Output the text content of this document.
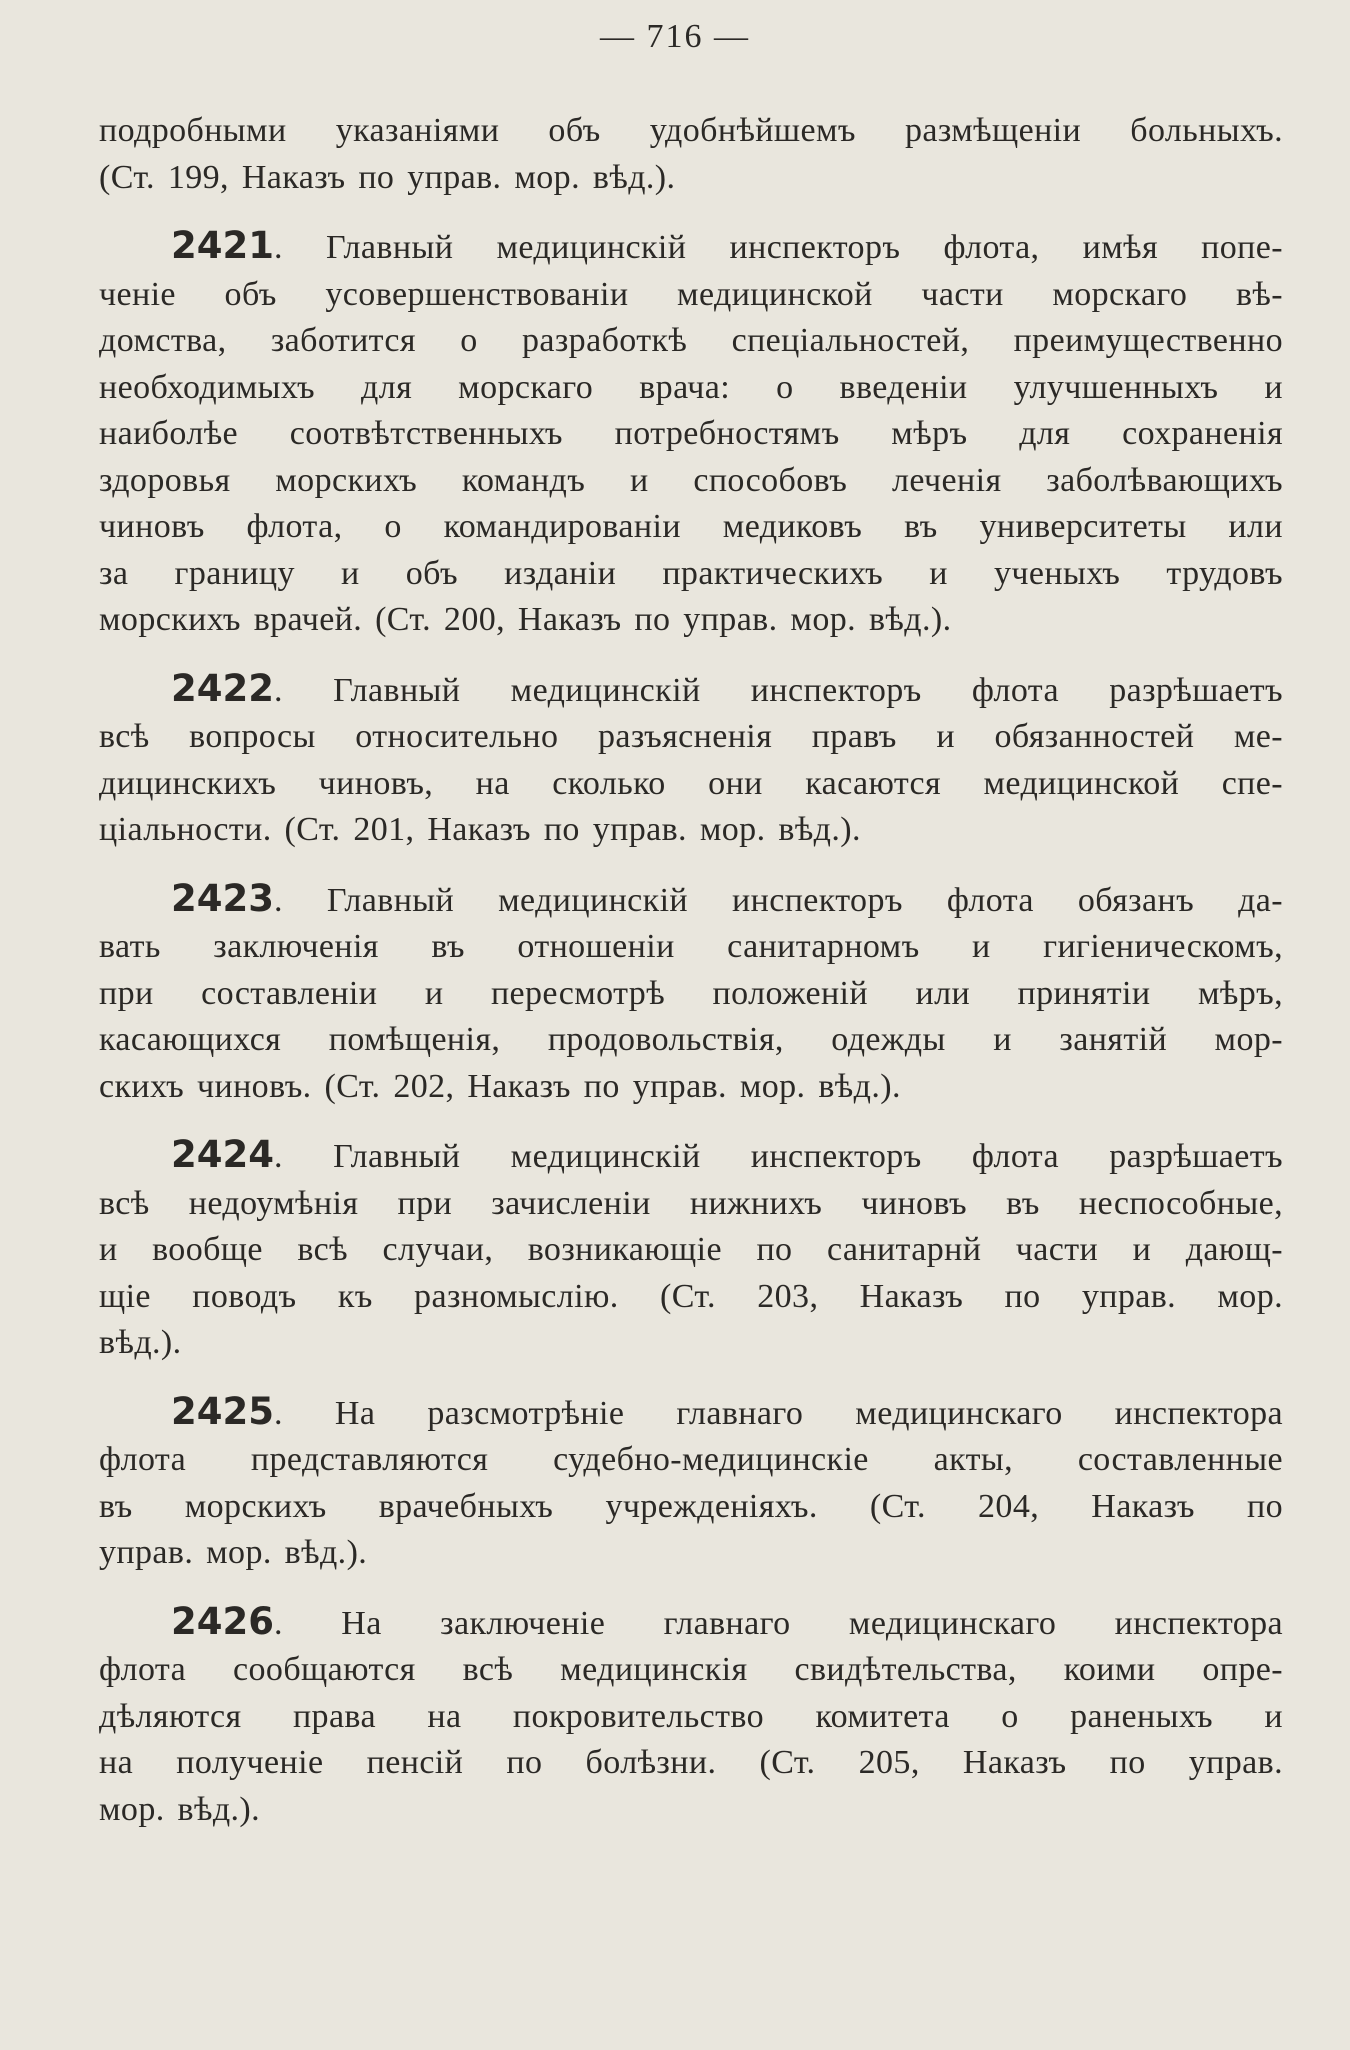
— 716 —

подробными указаніями объ удобнѣйшемъ размѣщеніи больныхъ.
(Ст. 199, Наказъ по управ. мор. вѣд.).

2421. Главный медицинскій инспекторъ флота, имѣя попе-
ченіе объ усовершенствованіи медицинской части морскаго вѣ-
домства, заботится о разработкѣ спеціальностей, преимущественно
необходимыхъ для морскаго врача: о введеніи улучшенныхъ и
наиболѣе соотвѣтственныхъ потребностямъ мѣръ для сохраненія
здоровья морскихъ командъ и способовъ леченія заболѣвающихъ
чиновъ флота, о командированіи медиковъ въ университеты или
за границу и объ изданіи практическихъ и ученыхъ трудовъ
морскихъ врачей. (Ст. 200, Наказъ по управ. мор. вѣд.).

2422. Главный медицинскій инспекторъ флота разрѣшаетъ
всѣ вопросы относительно разъясненія правъ и обязанностей ме-
дицинскихъ чиновъ, на сколько они касаются медицинской спе-
ціальности. (Ст. 201, Наказъ по управ. мор. вѣд.).

2423. Главный медицинскій инспекторъ флота обязанъ да-
вать заключенія въ отношеніи санитарномъ и гигіеническомъ,
при составленіи и пересмотрѣ положеній или принятіи мѣръ,
касающихся помѣщенія, продовольствія, одежды и занятій мор-
скихъ чиновъ. (Ст. 202, Наказъ по управ. мор. вѣд.).

2424. Главный медицинскій инспекторъ флота разрѣшаетъ
всѣ недоумѣнія при зачисленіи нижнихъ чиновъ въ неспособные,
и вообще всѣ случаи, возникающіе по санитарнй части и дающ-
щіе поводъ къ разномыслію. (Ст. 203, Наказъ по управ. мор.
вѣд.).

2425. На разсмотрѣніе главнаго медицинскаго инспектора
флота представляются судебно-медицинскіе акты, составленные
въ морскихъ врачебныхъ учрежденіяхъ. (Ст. 204, Наказъ по
управ. мор. вѣд.).

2426. На заключеніе главнаго медицинскаго инспектора
флота сообщаются всѣ медицинскія свидѣтельства, коими опре-
дѣляются права на покровительство комитета о раненыхъ и
на полученіе пенсій по болѣзни. (Ст. 205, Наказъ по управ.
мор. вѣд.).
